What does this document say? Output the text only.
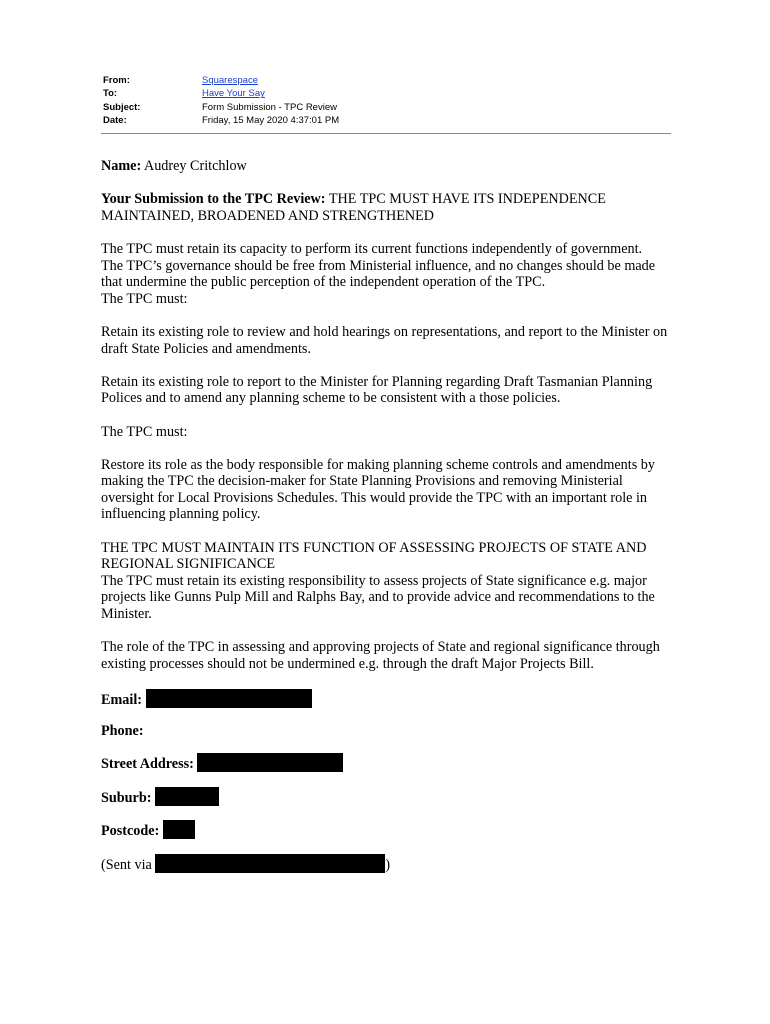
From:	Squarespace
To:	Have Your Say
Subject:	Form Submission - TPC Review
Date:	Friday, 15 May 2020 4:37:01 PM

Name: Audrey Critchlow

Your Submission to the TPC Review: THE TPC MUST HAVE ITS INDEPENDENCE MAINTAINED, BROADENED AND STRENGTHENED

The TPC must retain its capacity to perform its current functions independently of government.

The TPC’s governance should be free from Ministerial influence, and no changes should be made that undermine the public perception of the independent operation of the TPC.

The TPC must:

Retain its existing role to review and hold hearings on representations, and report to the Minister on draft State Policies and amendments.

Retain its existing role to report to the Minister for Planning regarding Draft Tasmanian Planning Polices and to amend any planning scheme to be consistent with a those policies.

The TPC must:

Restore its role as the body responsible for making planning scheme controls and amendments by making the TPC the decision-maker for State Planning Provisions and removing Ministerial oversight for Local Provisions Schedules. This would provide the TPC with an important role in influencing planning policy.

THE TPC MUST MAINTAIN ITS FUNCTION OF ASSESSING PROJECTS OF STATE AND REGIONAL SIGNIFICANCE

The TPC must retain its existing responsibility to assess projects of State significance e.g. major projects like Gunns Pulp Mill and Ralphs Bay, and to provide advice and recommendations to the Minister.

The role of the TPC in assessing and approving projects of State and regional significance through existing processes should not be undermined e.g. through the draft Major Projects Bill.

Email:

Phone:

Street Address:

Suburb:

Postcode:

(Sent via	)
